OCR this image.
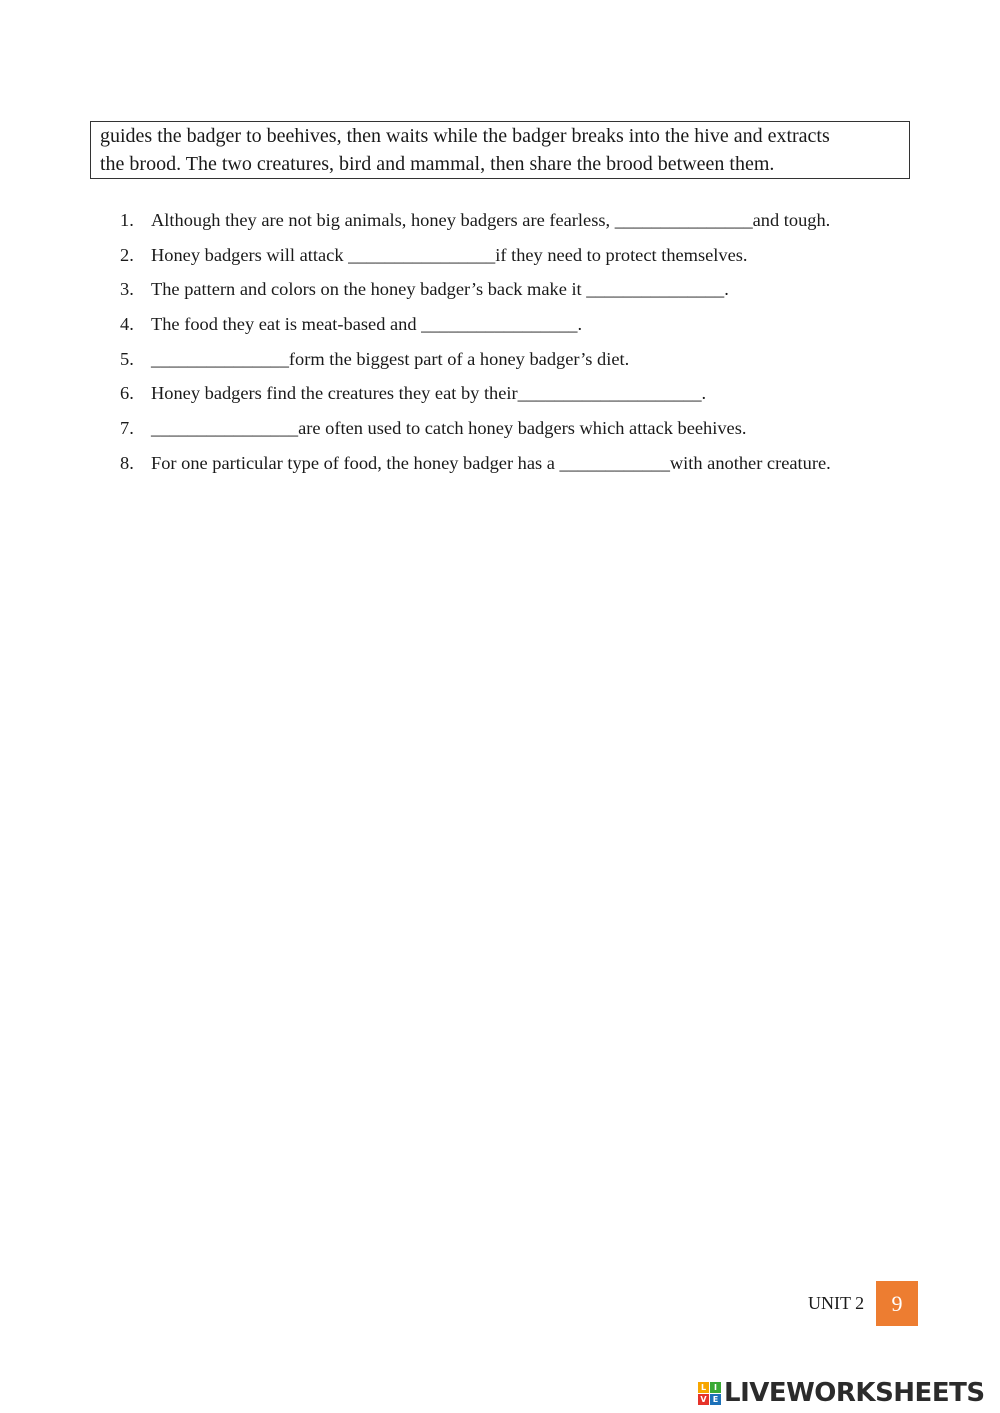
guides the badger to beehives, then waits while the badger breaks into the hive and extracts

the brood. The two creatures, bird and mammal, then share the brood between them.

1. Although they are not big animals, honey badgers are fearless, _______________and tough.
2. Honey badgers will attack ________________if they need to protect themselves.
3. The pattern and colors on the honey badger’s back make it _______________.
4. The food they eat is meat-based and _________________.
5. _______________form the biggest part of a honey badger’s diet.
6. Honey badgers find the creatures they eat by their____________________.
7. ________________are often used to catch honey badgers which attack beehives.
8. For one particular type of food, the honey badger has a ____________with another creature.
UNIT 2	9
L I
V E LIVEWORKSHEETS
